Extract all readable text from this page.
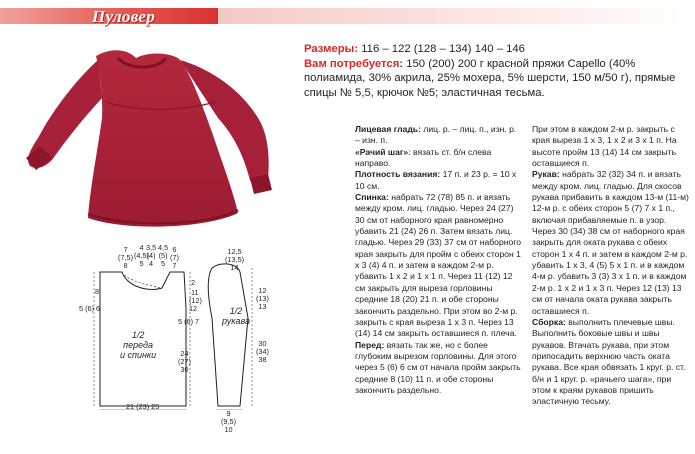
Пуловер
Размеры: 116 – 122 (128 – 134) 140 – 146
Вам потребуется: 150 (200) 200 г красной пряжи Capello (40% полиамида, 30% акрила, 25% мохера, 5% шерсти, 150 м/50 г), прямые спицы № 5,5, крючок №5; эластичная тесьма.

Лицевая гладь: лиц. р. – лиц. п., изн. р. – изн. п.

«Рачий шаг»: вязать ст. б/н слева направо.

Плотность вязания: 17 п. и 23 р. = 10 х 10 см.

Спинка: набрать 72 (78) 85 п. и вязать между кром. лиц. гладью. Через 24 (27) 30 см от наборного края равномерно убавить 21 (24) 26 п. Затем вязать лиц. гладью. Через 29 (33) 37 см от наборного края закрыть для пройм с обеих сторон 1 х 3 (4) 4 п. и затем в каждом 2-м р. убавить 1 х 2 и 1 х 1 п. Через 11 (12) 12 см закрыть для выреза горловины средние 18 (20) 21 п. и обе стороны закончить раздельно. При этом во 2-м р. закрыть с края выреза 1 х 3 п. Через 13 (14) 14 см закрыть оставшиеся п. плеча.

Перед: вязать так же, но с более глубоким вырезом горловины. Для этого через 5 (6) 6 см от начала пройм закрыть средние 8 (10) 11 п. и обе стороны закончить раздельно.

При этом в каждом 2-м р. закрыть с края выреза 1 х 3, 1 х 2 и 3 х 1 п. На высоте пройм 13 (14) 14 см закрыть оставшиеся п.

Рукав: набрать 32 (32) 34 п. и вязать между кром. лиц. гладью. Для скосов рукава прибавить в каждом 13-м (11-м) 12-м р. с обеих сторон 5 (7) 7 х 1 п., включая прибавляемые п. в узор. Через 30 (34) 38 см от наборного края закрыть для оката рукава с обеих сторон 1 х 4 п. и затем в каждом 2-м р. убавить 1 х 3, 4 (5) 5 х 1 п. и в каждом 4-м р. убавить 3 (3) 3 х 1 п. и в каждом 2-м р. 1 х 2 и 1 х 3 п. Через 12 (13) 13 см от начала оката рукава закрыть оставшиеся п.

Сборка: выполнить плечевые швы. Выполнить боковые швы и швы рукавов. Втачать рукава, при этом припосадить верхнюю часть оката рукава. Все края обвязать 1 круг. р. ст. б/н и 1 круг. р. «рачьего шага», при этом к краям рукавов пришить эластичную тесьму.

7
(7,5)
8
4
(4,5)
5
3,5
(4)
4
4,5
(5)
5
6
(7)
7
8
5 (6) 6
2
11
(12)
12
5 (6) 7
24
(27)
30
1/2
переда
и спинки
21 (23) 25
12,5
(13,5)
14
12
(13)
13
30
(34)
38
1/2
рукава
9
(9,5)
10
